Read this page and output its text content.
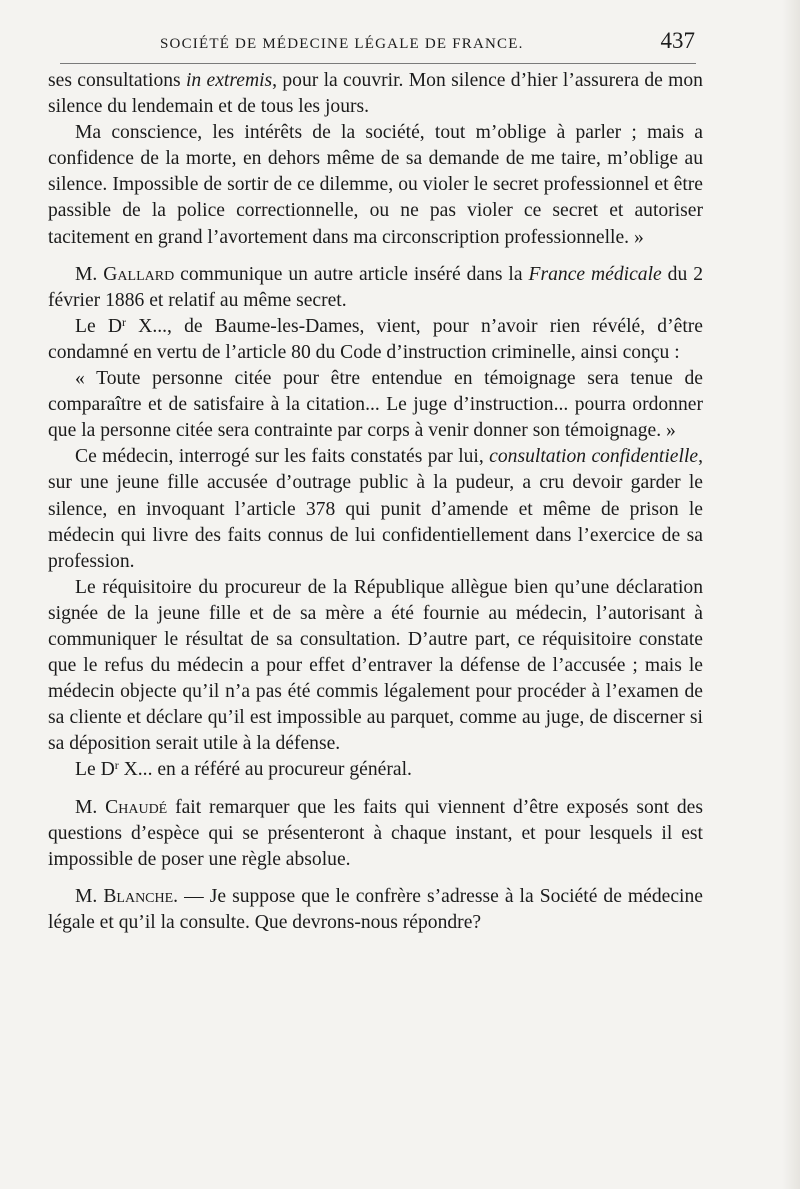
SOCIÉTÉ DE MÉDECINE LÉGALE DE FRANCE.	437

ses consultations in extremis, pour la couvrir. Mon silence d’hier l’assurera de mon silence du lendemain et de tous les jours.

Ma conscience, les intérêts de la société, tout m’oblige à parler ; mais a confidence de la morte, en dehors même de sa demande de me taire, m’oblige au silence. Impossible de sortir de ce dilemme, ou violer le secret professionnel et être passible de la police correctionnelle, ou ne pas violer ce secret et autoriser tacitement en grand l’avortement dans ma circonscription professionnelle. »

M. Gallard communique un autre article inséré dans la France médicale du 2 février 1886 et relatif au même secret.

Le $D^r$ X..., de Baume-les-Dames, vient, pour n’avoir rien révélé, d’être condamné en vertu de l’article 80 du Code d’instruction criminelle, ainsi conçu :

« Toute personne citée pour être entendue en témoignage sera tenue de comparaître et de satisfaire à la citation... Le juge d’instruction... pourra ordonner que la personne citée sera contrainte par corps à venir donner son témoignage. »

Ce médecin, interrogé sur les faits constatés par lui, consultation confidentielle, sur une jeune fille accusée d’outrage public à la pudeur, a cru devoir garder le silence, en invoquant l’article 378 qui punit d’amende et même de prison le médecin qui livre des faits connus de lui confidentiellement dans l’exercice de sa profession.

Le réquisitoire du procureur de la République allègue bien qu’une déclaration signée de la jeune fille et de sa mère a été fournie au médecin, l’autorisant à communiquer le résultat de sa consultation. D’autre part, ce réquisitoire constate que le refus du médecin a pour effet d’entraver la défense de l’accusée ; mais le médecin objecte qu’il n’a pas été commis légalement pour procéder à l’examen de sa cliente et déclare qu’il est impossible au parquet, comme au juge, de discerner si sa déposition serait utile à la défense.

Le $D^r$ X... en a référé au procureur général.

M. Chaudé fait remarquer que les faits qui viennent d’être exposés sont des questions d’espèce qui se présenteront à chaque instant, et pour lesquels il est impossible de poser une règle absolue.

M. Blanche. — Je suppose que le confrère s’adresse à la Société de médecine légale et qu’il la consulte. Que devrons-nous répondre?
